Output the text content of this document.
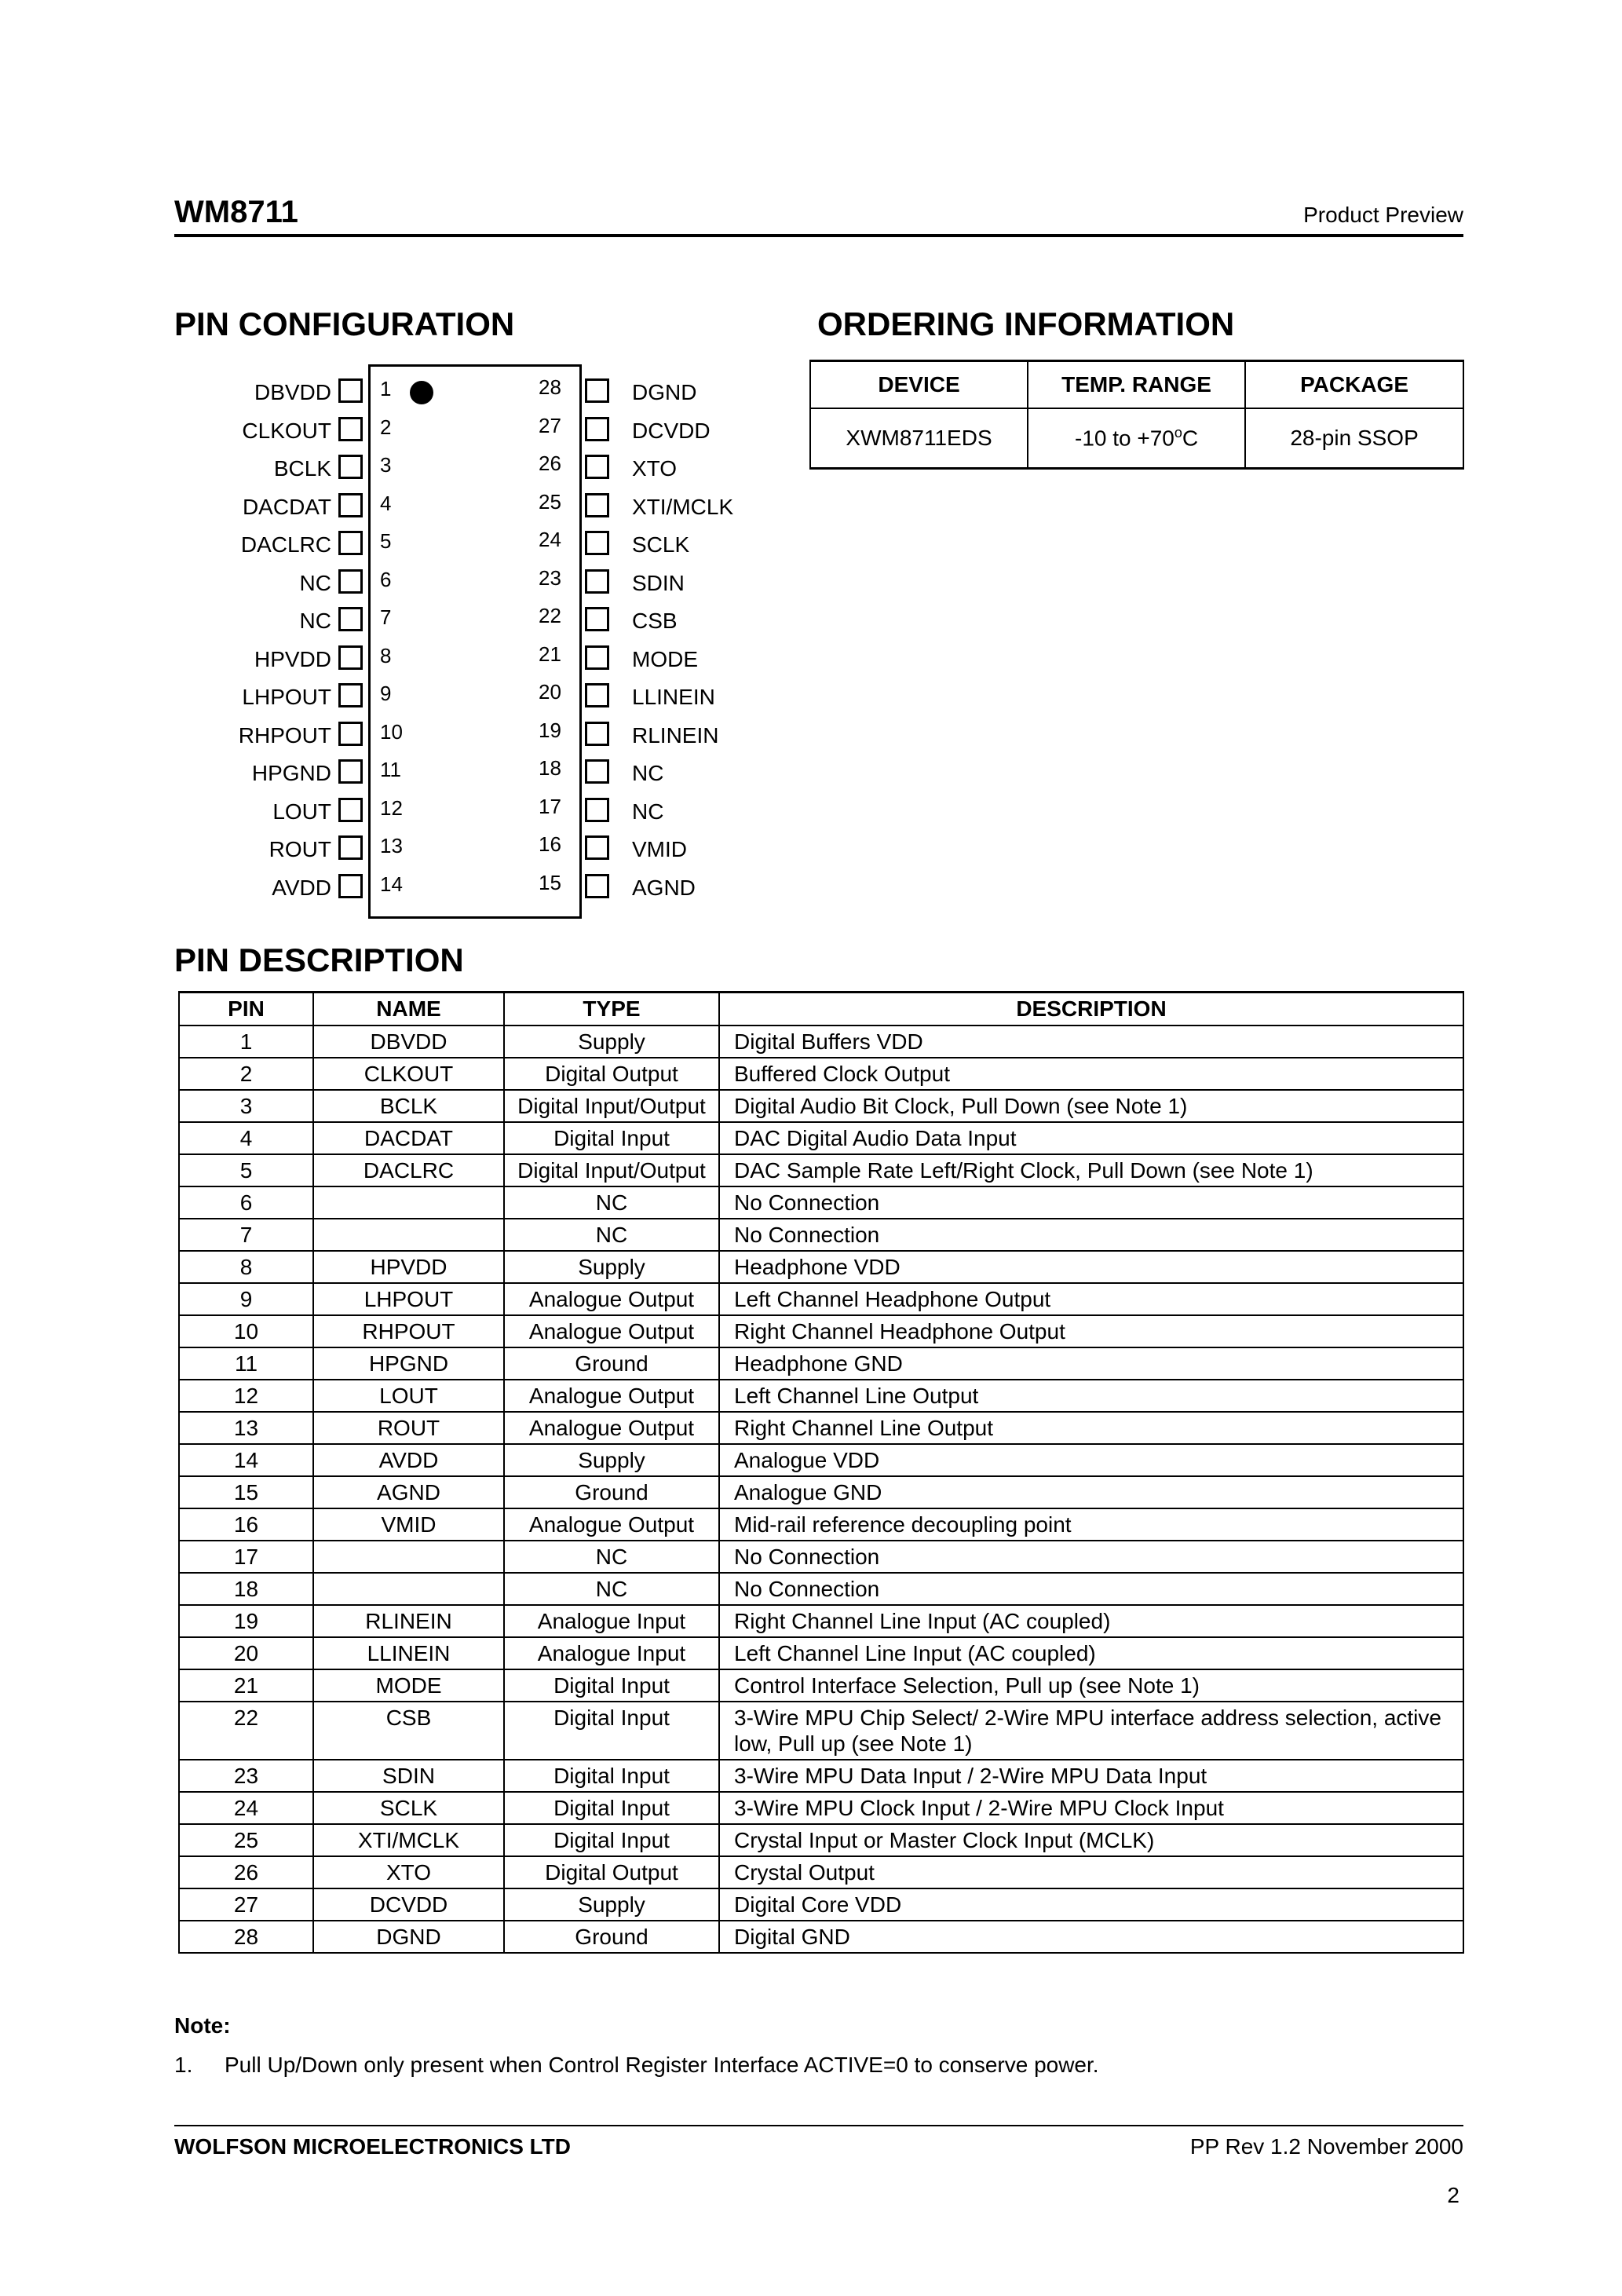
WM8711	Product Preview
PIN CONFIGURATION
DBVDD 1
CLKOUT 2
BCLK 3
DACDAT 4
DACLRC 5
NC 6
NC 7
HPVDD 8
LHPOUT 9
RHPOUT 10
HPGND 11
LOUT 12
ROUT 13
AVDD 14
DGND
28
DCVDD
27
XTO
26
XTI/MCLK
25
SCLK
24
SDIN
23
CSB
22
MODE
21
LLINEIN
20
RLINEIN
19
NC
18
NC
17
VMID
16
AGND
15
ORDERING INFORMATION
DEVICE	TEMP. RANGE	PACKAGE
XWM8711EDS	-10 to $+70^oC$	28-pin SSOP
PIN DESCRIPTION
PIN	NAME	TYPE	DESCRIPTION
1	DBVDD	Supply	Digital Buffers VDD
2	CLKOUT	Digital Output	Buffered Clock Output
3	BCLK	Digital Input/Output	Digital Audio Bit Clock, Pull Down (see Note 1)
4	DACDAT	Digital Input	DAC Digital Audio Data Input
5	DACLRC	Digital Input/Output	DAC Sample Rate Left/Right Clock, Pull Down (see Note 1)
6		NC	No Connection
7		NC	No Connection
8	HPVDD	Supply	Headphone VDD
9	LHPOUT	Analogue Output	Left Channel Headphone Output
10	RHPOUT	Analogue Output	Right Channel Headphone Output
11	HPGND	Ground	Headphone GND
12	LOUT	Analogue Output	Left Channel Line Output
13	ROUT	Analogue Output	Right Channel Line Output
14	AVDD	Supply	Analogue VDD
15	AGND	Ground	Analogue GND
16	VMID	Analogue Output	Mid-rail reference decoupling point
17		NC	No Connection
18		NC	No Connection
19	RLINEIN	Analogue Input	Right Channel Line Input (AC coupled)
20	LLINEIN	Analogue Input	Left Channel Line Input (AC coupled)
21	MODE	Digital Input	Control Interface Selection, Pull up (see Note 1)
22	CSB	Digital Input	3-Wire MPU Chip Select/ 2-Wire MPU interface address selection, active low, Pull up (see Note 1)
23	SDIN	Digital Input	3-Wire MPU Data Input / 2-Wire MPU Data Input
24	SCLK	Digital Input	3-Wire MPU Clock Input / 2-Wire MPU Clock Input
25	XTI/MCLK	Digital Input	Crystal Input or Master Clock Input (MCLK)
26	XTO	Digital Output	Crystal Output
27	DCVDD	Supply	Digital Core VDD
28	DGND	Ground	Digital GND
Note:
1. Pull Up/Down only present when Control Register Interface ACTIVE=0 to conserve power.
WOLFSON MICROELECTRONICS LTD	PP Rev 1.2 November 2000
2
